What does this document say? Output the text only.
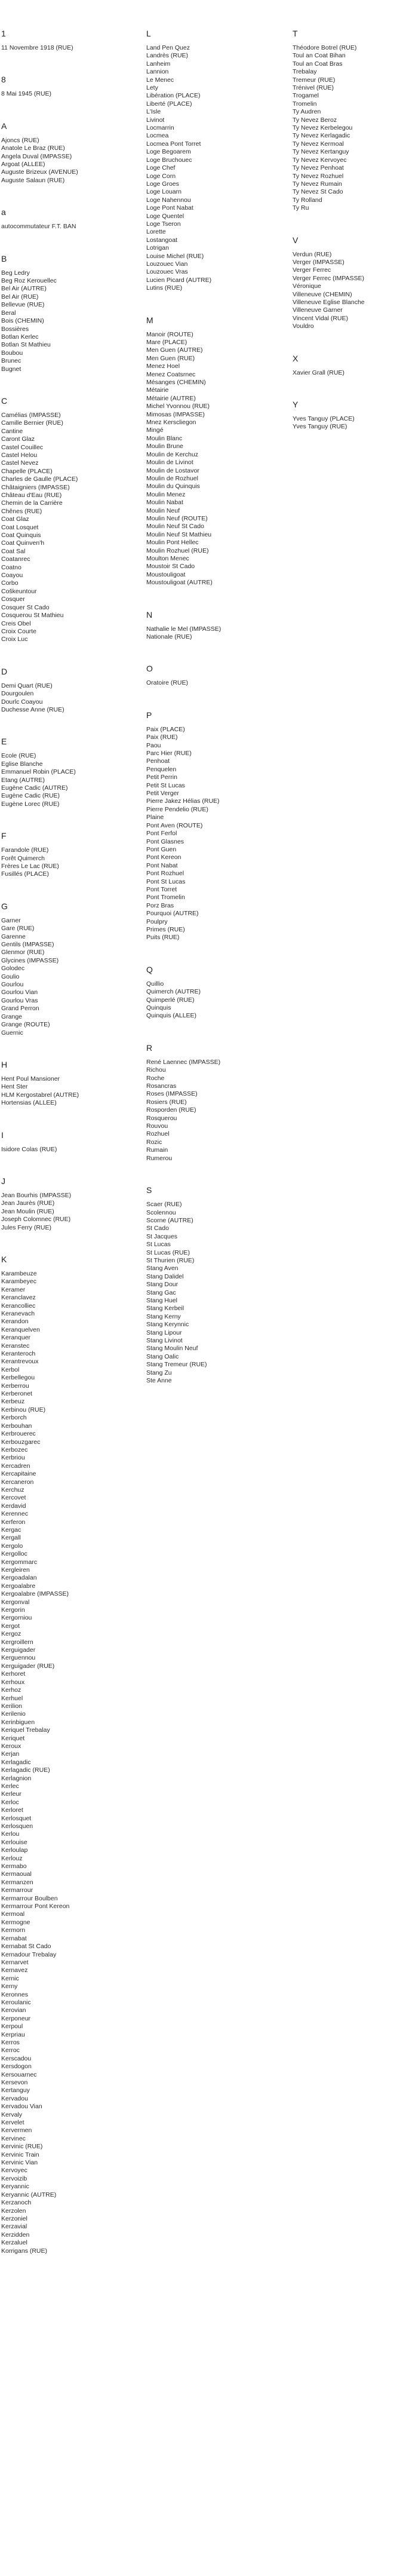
1
11 Novembre 1918 (RUE)
8
8 Mai 1945 (RUE)
A
Ajoncs (RUE)
Anatole Le Braz (RUE)
Angela Duval (IMPASSE)
Argoat (ALLEE)
Auguste Brizeux (AVENUE)
Auguste Salaun (RUE)
a
autocommutateur F.T. BAN
B
Beg Ledry
Beg Roz Kerouellec
Bel Air (AUTRE)
Bel Air (RUE)
Bellevue (RUE)
Beral
Bois (CHEMIN)
Bossières
Botlan Kerlec
Botlan St Mathieu
Boubou
Brunec
Bugnet
C
Camélias (IMPASSE)
Camille Bernier (RUE)
Cantine
Caront Glaz
Castel Couillec
Castel Helou
Castel Nevez
Chapelle (PLACE)
Charles de Gaulle (PLACE)
Châtaigniers (IMPASSE)
Château d'Eau (RUE)
Chemin de la Carrière
Chênes (RUE)
Coat Glaz
Coat Losquet
Coat Quinquis
Coat Quinven'h
Coat Sal
Coatanrec
Coatno
Coayou
Corbo
Coškeuntour
Cosquer
Cosquer St Cado
Cosquerou St Mathieu
Creis Obel
Croix Courte
Croix Luc
D
Demi Quart (RUE)
Dourgoulen
Dourlc Coayou
Duchesse Anne (RUE)
E
Ecole (RUE)
Eglise Blanche
Emmanuel Robin (PLACE)
Etang (AUTRE)
Eugène Cadic (AUTRE)
Eugène Cadic (RUE)
Eugène Lorec (RUE)
F
Farandole (RUE)
Forêt Quimerch
Frères Le Lac (RUE)
Fusillés (PLACE)
G
Garner
Gare (RUE)
Garenne
Gentils (IMPASSE)
Glenmor (RUE)
Glycines (IMPASSE)
Golodec
Goulio
Gourlou
Gourlou Vian
Gourlou Vras
Grand Perron
Grange
Grange (ROUTE)
Guernic
H
Hent Poul Mansioner
Hent Ster
HLM Kergostabrel (AUTRE)
Hortensias (ALLEE)
I
Isidore Colas (RUE)
J
Jean Bourhis (IMPASSE)
Jean Jaurès (RUE)
Jean Moulin (RUE)
Joseph Colomnec (RUE)
Jules Ferry (RUE)
K
Karambeuze
Karambeyec
Keramer
Keranclavez
Kerancolliec
Keranevach
Kerandon
Keranquelven
Keranquer
Keranstec
Keranteroch
Kerantrevoux
Kerbol
Kerbellegou
Kerberrou
Kerberonet
Kerbeuz
Kerbinou (RUE)
Kerborch
Kerbouhan
Kerbrouerec
Kerbouzgarec
Kerbozec
Kerbriou
Kercadren
Kercapitaine
Kercaneron
Kerchuz
Kercovet
Kerdavid
Kerennec
Kerferon
Kergac
Kergall
Kergolo
Kergolloc
Kergommarc
Kergleiren
Kergoadalan
Kergoalabre
Kergoalabre (IMPASSE)
Kergonval
Kergorin
Kergorniou
Kergot
Kergoz
Kergroillern
Kerguigader
Kerguennou
Kerguigader (RUE)
Kerhoret
Kerhoux
Kerhoz
Kerhuel
Kerilion
Kerilenio
Kerinbiguen
Keriquel Trebalay
Keriquet
Keroux
Kerjan
Kerlagadic
Kerlagadic (RUE)
Kerlagnion
Kerlec
Kerleur
Kerloc
Kerloret
Kerlosquet
Kerlosquen
Kerlou
Kerlouise
Kerloulap
Kerlouz
Kermabo
Kermaoual
Kermanzen
Kermarrour
Kermarrour Boulben
Kermarrour Pont Kereon
Kermoal
Kermogne
Kermorn
Kernabat
Kernabat St Cado
Kernadour Trebalay
Kernarvet
Kernavez
Kernic
Kerny
Keronnes
Keroulanic
Kerovian
Kerponeur
Kerpoul
Kerpriau
Kerros
Kerroc
Kerscadou
Kersdogon
Kersouarnec
Kersevon
Kertanguy
Kervadou
Kervadou Vian
Kervaly
Kervelet
Kervermen
Kervinec
Kervinic (RUE)
Kervinic Train
Kervinic Vian
Kervoyec
Kervoizib
Keryannic
Keryannic (AUTRE)
Kerzanoch
Kerzolen
Kerzoniel
Kerzavial
Kerzidden
Kerzaluel
Korrigans (RUE)
L
Land Pen Quez
Landrès (RUE)
Lanheim
Lannion
Le Menec
Lety
Libération (PLACE)
Liberté (PLACE)
L'Isle
Livinot
Locmarrin
Locmea
Locmea Pont Torret
Loge Begoarem
Loge Bruchouec
Loge Chef
Loge Corn
Loge Groes
Loge Louarn
Loge Nahennou
Loge Pont Nabat
Loge Quentel
Loge Tseron
Lorette
Lostangoat
Lotrigan
Louise Michel (RUE)
Louzouec Vian
Louzouec Vras
Lucien Picard (AUTRE)
Lutins (RUE)
M
Manoir (ROUTE)
Mare (PLACE)
Men Guen (AUTRE)
Men Guen (RUE)
Menez Hoel
Menez Coatsrnec
Mésanges (CHEMIN)
Métairie
Métairie (AUTRE)
Michel Yvonnou (RUE)
Mimosas (IMPASSE)
Mnez Kerscliegon
Mingé
Moulin Blanc
Moulin Brune
Moulin de Kerchuz
Moulin de Livinot
Moulin de Lostavor
Moulin de Rozhuel
Moulin du Quinquis
Moulin Menez
Moulin Nabat
Moulin Neuf
Moulin Neuf (ROUTE)
Moulin Neuf St Cado
Moulin Neuf St Mathieu
Moulin Pont Hellec
Moulin Rozhuel (RUE)
Moulton Menec
Moustoir St Cado
Moustouligoat
Moustouligoat (AUTRE)
N
Nathalie le Mel (IMPASSE)
Nationale (RUE)
O
Oratoire (RUE)
P
Paix (PLACE)
Paix (RUE)
Paou
Parc Hier (RUE)
Penhoat
Penquelen
Petit Perrin
Petit St Lucas
Petit Verger
Pierre Jakez Hélias (RUE)
Pierre Pendelio (RUE)
Plaine
Pont Aven (ROUTE)
Pont Ferfol
Pont Glasnes
Pont Guen
Pont Kereon
Pont Nabat
Pont Rozhuel
Pont St Lucas
Pont Torret
Pont Tromelin
Porz Bras
Pourquoi (AUTRE)
Poulpry
Primes (RUE)
Puits (RUE)
Q
Quillio
Quimerch (AUTRE)
Quimperlé (RUE)
Quinquis
Quinquis (ALLEE)
R
René Laennec (IMPASSE)
Richou
Roche
Rosancras
Roses (IMPASSE)
Rosiers (RUE)
Rosporden (RUE)
Rosquerou
Rouvou
Rozhuel
Rozic
Rumain
Rumerou
S
Scaer (RUE)
Scolennou
Scorne (AUTRE)
St Cado
St Jacques
St Lucas
St Lucas (RUE)
St Thurien (RUE)
Stang Aven
Stang Dalidel
Stang Dour
Stang Gac
Stang Huel
Stang Kerbeil
Stang Kerny
Stang Kerynnic
Stang Lipour
Stang Livinot
Stang Moulin Neuf
Stang Oalic
Stang Tremeur (RUE)
Stang Zu
Ste Anne
T
Théodore Botrel (RUE)
Toul an Coat Bihan
Toul an Coat Bras
Trebalay
Tremeur (RUE)
Trénivel (RUE)
Trogamel
Tromelin
Ty Audren
Ty Nevez Beroz
Ty Nevez Kerbelegou
Ty Nevez Kerlagadic
Ty Nevez Kermoal
Ty Nevez Kertanguy
Ty Nevez Kervoyec
Ty Nevez Penhoat
Ty Nevez Rozhuel
Ty Nevez Rumain
Ty Nevez St Cado
Ty Rolland
Ty Ru
V
Verdun (RUE)
Verger (IMPASSE)
Verger Ferrec
Verger Ferrec (IMPASSE)
Véronique
Villeneuve (CHEMIN)
Villeneuve Eglise Blanche
Villeneuve Garner
Vincent Vidal (RUE)
Vouldro
X
Xavier Grall (RUE)
Y
Yves Tanguy (PLACE)
Yves Tanguy (RUE)
